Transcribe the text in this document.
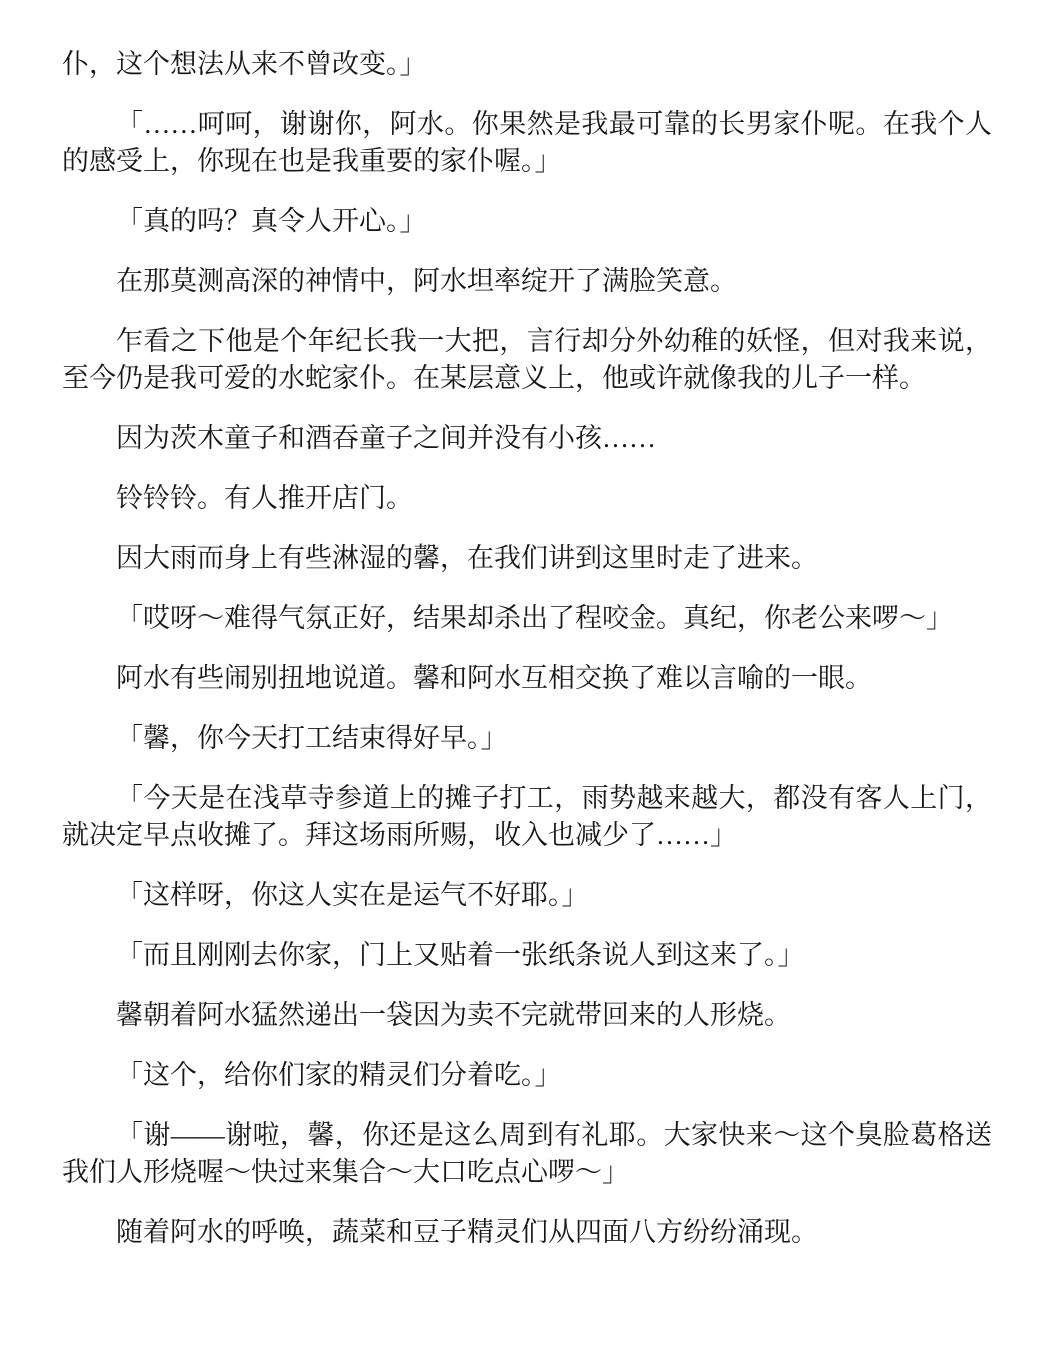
仆，这个想法从来不曾改变。」

「……呵呵，谢谢你，阿水。你果然是我最可靠的长男家仆呢。在我个人的感受上，你现在也是我重要的家仆喔。」

「真的吗？真令人开心。」

在那莫测高深的神情中，阿水坦率绽开了满脸笑意。

乍看之下他是个年纪长我一大把，言行却分外幼稚的妖怪，但对我来说，至今仍是我可爱的水蛇家仆。在某层意义上，他或许就像我的儿子一样。

因为茨木童子和酒吞童子之间并没有小孩……

铃铃铃。有人推开店门。

因大雨而身上有些淋湿的馨，在我们讲到这里时走了进来。

「哎呀～难得气氛正好，结果却杀出了程咬金。真纪，你老公来啰～」

阿水有些闹别扭地说道。馨和阿水互相交换了难以言喻的一眼。

「馨，你今天打工结束得好早。」

「今天是在浅草寺参道上的摊子打工，雨势越来越大，都没有客人上门，就决定早点收摊了。拜这场雨所赐，收入也减少了……」

「这样呀，你这人实在是运气不好耶。」

「而且刚刚去你家，门上又贴着一张纸条说人到这来了。」

馨朝着阿水猛然递出一袋因为卖不完就带回来的人形烧。

「这个，给你们家的精灵们分着吃。」

「谢——谢啦，馨，你还是这么周到有礼耶。大家快来～这个臭脸葛格送我们人形烧喔～快过来集合～大口吃点心啰～」

随着阿水的呼唤，蔬菜和豆子精灵们从四面八方纷纷涌现。
